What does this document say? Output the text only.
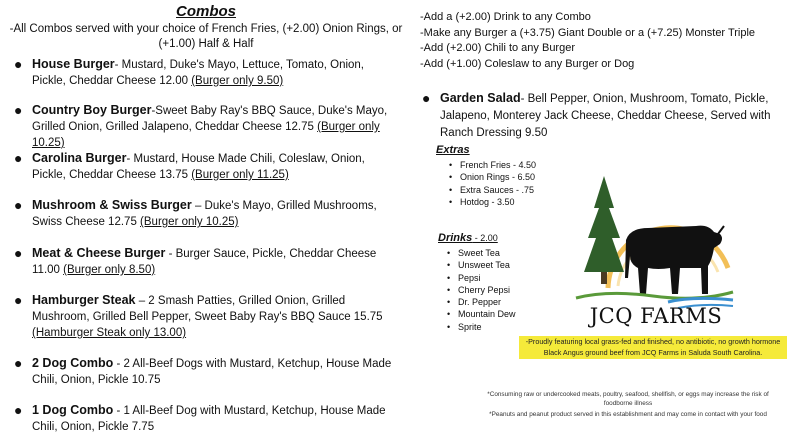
Combos
-All Combos served with your choice of French Fries, (+2.00) Onion Rings, or (+1.00) Half & Half
● House Burger- Mustard, Duke's Mayo, Lettuce, Tomato, Onion, Pickle, Cheddar Cheese 12.00 (Burger only 9.50)
● Country Boy Burger-Sweet Baby Ray's BBQ Sauce, Duke's Mayo, Grilled Onion, Grilled Jalapeno, Cheddar Cheese 12.75 (Burger only 10.25)
● Carolina Burger- Mustard, House Made Chili, Coleslaw, Onion, Pickle, Cheddar Cheese 13.75 (Burger only 11.25)
● Mushroom & Swiss Burger – Duke's Mayo, Grilled Mushrooms, Swiss Cheese 12.75 (Burger only 10.25)
● Meat & Cheese Burger - Burger Sauce, Pickle, Cheddar Cheese 11.00 (Burger only 8.50)
● Hamburger Steak – 2 Smash Patties, Grilled Onion, Grilled Mushroom, Grilled Bell Pepper, Sweet Baby Ray's BBQ Sauce 15.75 (Hamburger Steak only 13.00)
● 2 Dog Combo - 2 All-Beef Dogs with Mustard, Ketchup, House Made Chili, Onion, Pickle 10.75
● 1 Dog Combo - 1 All-Beef Dog with Mustard, Ketchup, House Made Chili, Onion, Pickle 7.75
-Add a (+2.00) Drink to any Combo
-Make any Burger a (+3.75) Giant Double or a (+7.25) Monster Triple
-Add (+2.00) Chili to any Burger
-Add (+1.00) Coleslaw to any Burger or Dog
● Garden Salad- Bell Pepper, Onion, Mushroom, Tomato, Pickle, Jalapeno, Monterey Jack Cheese, Cheddar Cheese, Served with Ranch Dressing 9.50
Extras
• French Fries - 4.50
• Onion Rings - 6.50
• Extra Sauces - .75
• Hotdog - 3.50
Drinks - 2.00
• Sweet Tea
• Unsweet Tea
• Pepsi
• Cherry Pepsi
• Dr. Pepper
• Mountain Dew
• Sprite	JCQ FARMS
-Proudly featuring local grass-fed and finished, no antibiotic, no growth hormone Black Angus ground beef from JCQ Farms in Saluda South Carolina.
*Consuming raw or undercooked meats, poultry, seafood, shellfish, or eggs may increase the risk of foodborne illness
*Peanuts and peanut product served in this establishment and may come in contact with your food
